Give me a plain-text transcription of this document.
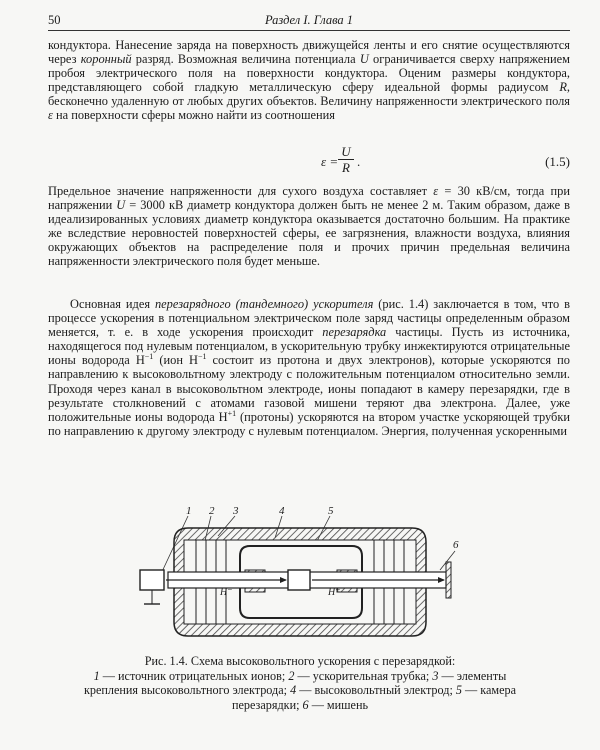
50	Раздел I. Глава 1

кондуктора. Нанесение заряда на поверхность движущейся ленты и его снятие осуществляются через коронный разряд. Возможная величина потенциала U ограничивается сверху напряжением пробоя электрического поля на поверхности кондуктора. Оценим размеры кондуктора, представляющего собой гладкую металлическую сферу идеальной формы радиусом R, бесконечно удаленную от любых других объектов. Величину напряженности электрического поля ε на поверхности сферы можно найти из соотношения

$\varepsilon = \frac{U}{R}$ .	(1.5)

Предельное значение напряженности для сухого воздуха составляет ε = 30 кВ/см, тогда при напряжении U = 3000 кВ диаметр кондуктора должен быть не менее 2 м. Таким образом, даже в идеализированных условиях диаметр кондуктора оказывается достаточно большим. На практике же вследствие неровностей поверхностей сферы, ее загрязнения, влажности воздуха, влияния окружающих объектов на распределение поля и прочих причин предельная величина напряженности электрического поля будет меньше.

Основная идея перезарядного (тандемного) ускорителя (рис. 1.4) заключается в том, что в процессе ускорения в потенциальном электрическом поле заряд частицы определенным образом меняется, т. е. в ходе ускорения происходит перезарядка частицы. Пусть из источника, находящегося под нулевым потенциалом, в ускорительную трубку инжектируются отрицательные ионы водорода $H^{-1}$ (ион $H^{-1}$ состоит из протона и двух электронов), которые ускоряются по направлению к высоковольтному электроду с положительным потенциалом относительно земли. Проходя через канал в высоковольтном электроде, ионы попадают в камеру перезарядки, где в результате столкновений с атомами газовой мишени теряют два электрона. Далее, уже положительные ионы водорода $H^{+1}$ (протоны) ускоряются на втором участке ускоряющей трубки по направлению к другому электроду с нулевым потенциалом. Энергия, полученная ускоренными

1 2 3	4	5
6
H⁻	H⁺
Рис. 1.4. Схема высоковольтного ускорения с перезарядкой:
1 — источник отрицательных ионов; 2 — ускорительная трубка; 3 — элементы крепления высоковольтного электрода; 4 — высоковольтный электрод; 5 — камера перезарядки; 6 — мишень
